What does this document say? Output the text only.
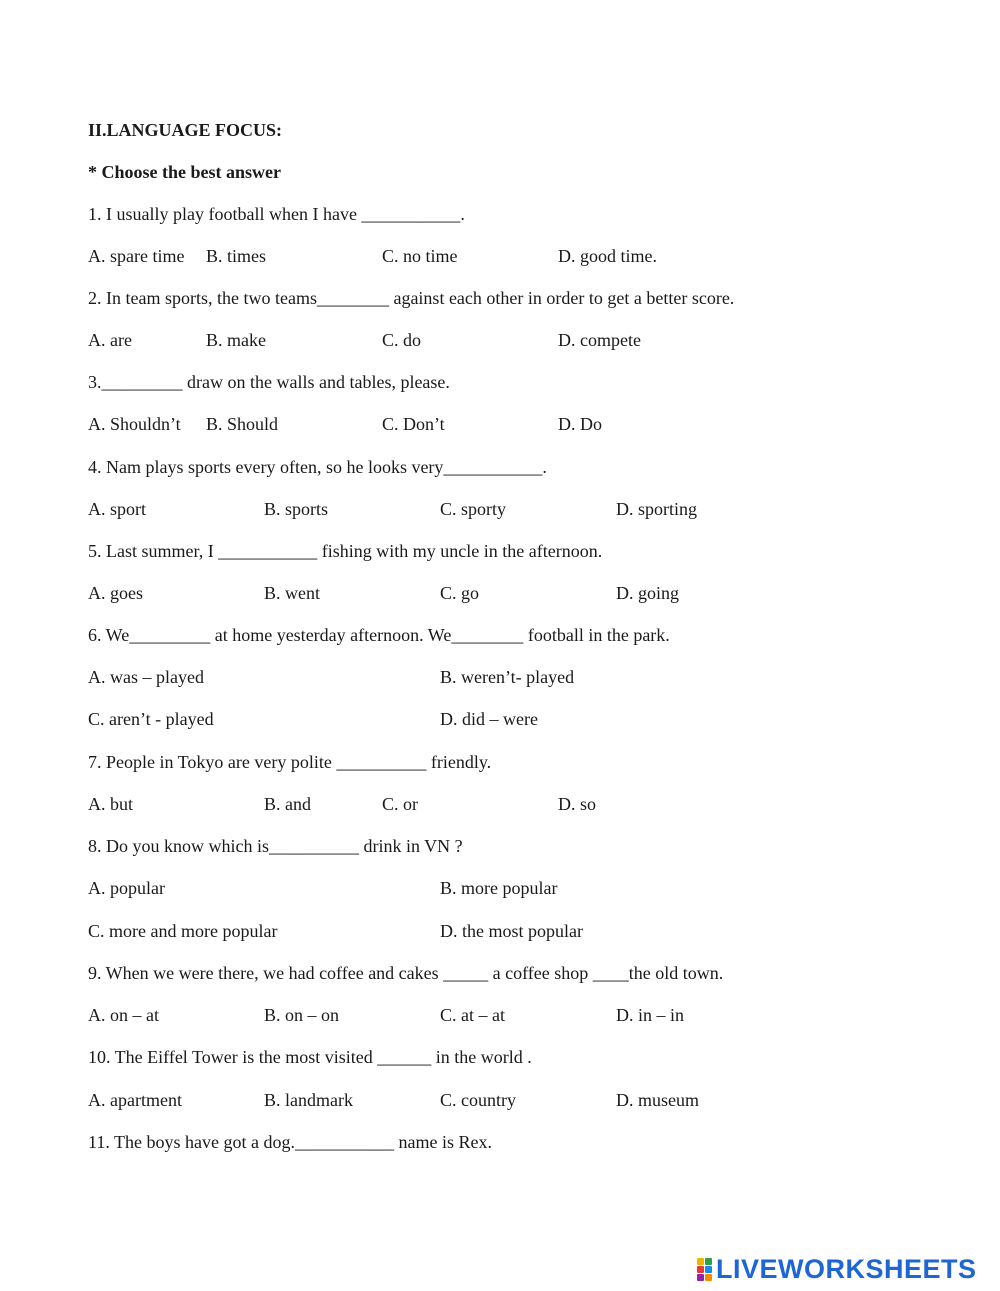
II.LANGUAGE FOCUS:
* Choose the best answer
1. I usually play football when I have ___________.
A. spare time B. times	C. no time	D. good time.
2. In team sports, the two teams________ against each other in order to get a better score.
A. are	B. make	C. do	D. compete
3._________ draw on the walls and tables, please.
A. Shouldn’t B. Should	C. Don’t	D. Do
4. Nam plays sports every often, so he looks very___________.
A. sport	B. sports	C. sporty	D. sporting
5. Last summer, I ___________ fishing with my uncle in the afternoon.
A. goes	B. went	C. go	D. going
6. We_________ at home yesterday afternoon. We________ football in the park.
A. was – played	B. weren’t- played
C. aren’t - played	D. did – were
7. People in Tokyo are very polite __________ friendly.
A. but	B. and	C. or	D. so
8. Do you know which is__________ drink in VN ?
A. popular	B. more popular
C. more and more popular	D. the most popular
9. When we were there, we had coffee and cakes _____ a coffee shop ____the old town.
A. on – at	B. on – on	C. at – at	D. in – in
10. The Eiffel Tower is the most visited ______ in the world .
A. apartment	B. landmark	C. country	D. museum
11. The boys have got a dog.___________ name is Rex.
LIVEWORKSHEETS
